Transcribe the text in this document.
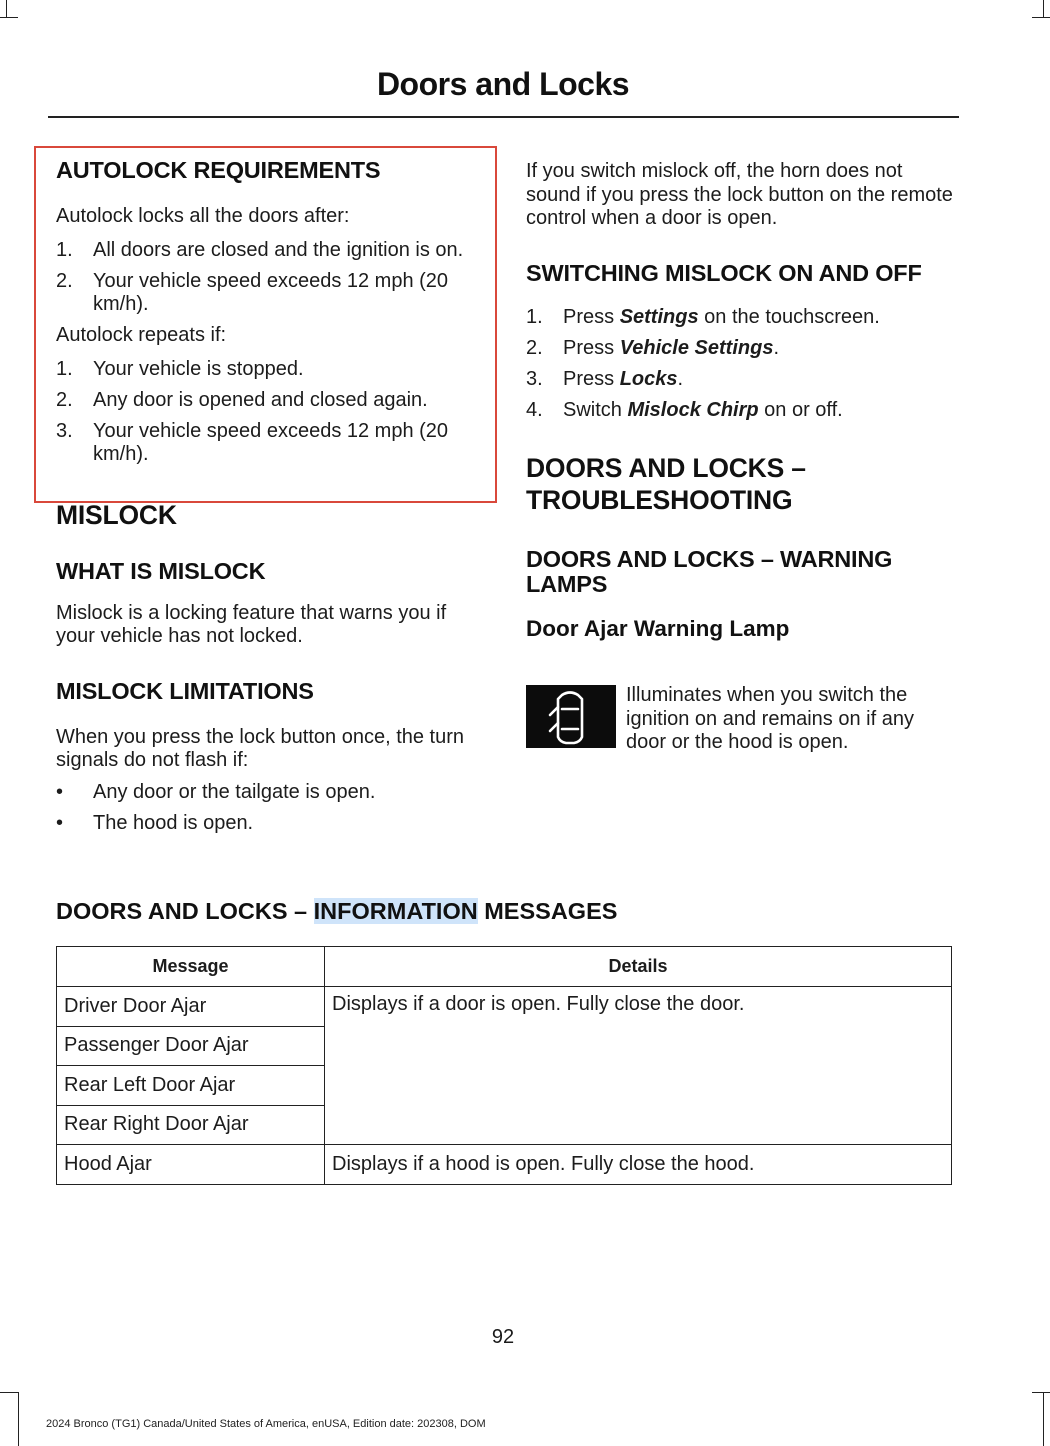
Doors and Locks
AUTOLOCK REQUIREMENTS

Autolock locks all the doors after:

1. All doors are closed and the ignition is on.
2. Your vehicle speed exceeds 12 mph (20 km/h).

Autolock repeats if:

1. Your vehicle is stopped.
2. Any door is opened and closed again.
3. Your vehicle speed exceeds 12 mph (20 km/h).
MISLOCK
WHAT IS MISLOCK

Mislock is a locking feature that warns you if your vehicle has not locked.

MISLOCK LIMITATIONS

When you press the lock button once, the turn signals do not flash if:

• Any door or the tailgate is open.
• The hood is open.

If you switch mislock off, the horn does not sound if you press the lock button on the remote control when a door is open.

SWITCHING MISLOCK ON AND OFF
1. Press Settings on the touchscreen.
2. Press Vehicle Settings.
3. Press Locks.
4. Switch Mislock Chirp on or off.
DOORS AND LOCKS –
TROUBLESHOOTING
DOORS AND LOCKS – WARNING LAMPS
Door Ajar Warning Lamp

Illuminates when you switch the ignition on and remains on if any door or the hood is open.

DOORS AND LOCKS – INFORMATION MESSAGES
Message	Details
Driver Door Ajar	Displays if a door is open. Fully close the door.
Passenger Door Ajar	
Rear Left Door Ajar	
Rear Right Door Ajar	
Hood Ajar	Displays if a hood is open. Fully close the hood.
92
2024 Bronco (TG1) Canada/United States of America, enUSA, Edition date: 202308, DOM
